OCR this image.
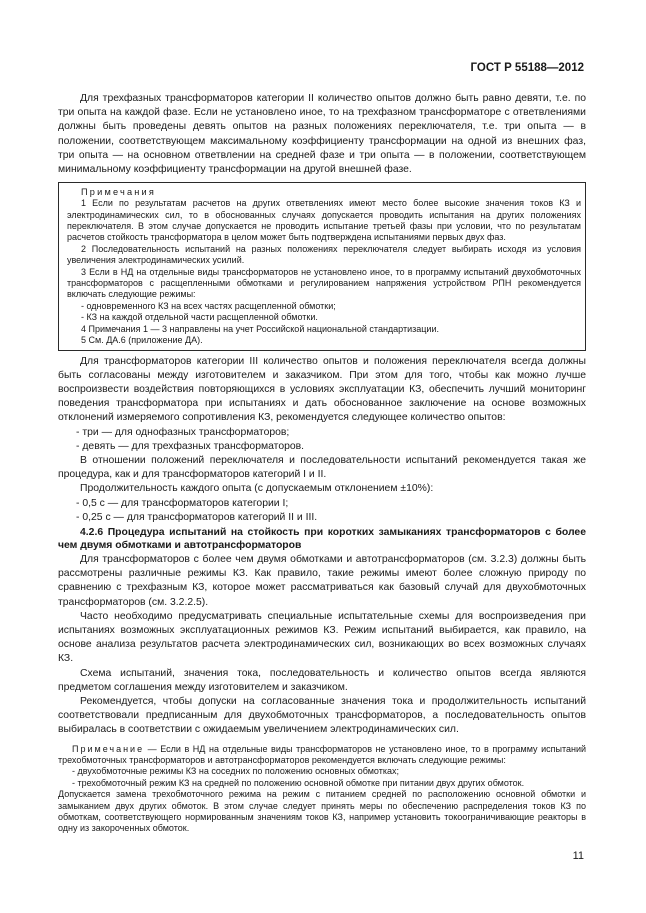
ГОСТ Р 55188—2012

Для трехфазных трансформаторов категории II количество опытов должно быть равно девяти, т.е. по три опыта на каждой фазе. Если не установлено иное, то на трехфазном трансформаторе с ответвлениями должны быть проведены девять опытов на разных положениях переключателя, т.е. три опыта — в положении, соответствующем максимальному коэффициенту трансформации на одной из внешних фаз, три опыта — на основном ответвлении на средней фазе и три опыта — в положении, соответствующем минимальному коэффициенту трансформации на другой внешней фазе.

Примечания

1 Если по результатам расчетов на других ответвлениях имеют место более высокие значения токов КЗ и электродинамических сил, то в обоснованных случаях допускается проводить испытания на других положениях переключателя. В этом случае допускается не проводить испытание третьей фазы при условии, что по результатам расчетов стойкость трансформатора в целом может быть подтверждена испытаниями первых двух фаз.

2 Последовательность испытаний на разных положениях переключателя следует выбирать исходя из условия увеличения электродинамических усилий.

3 Если в НД на отдельные виды трансформаторов не установлено иное, то в программу испытаний двухобмоточных трансформаторов с расщепленными обмотками и регулированием напряжения устройством РПН рекомендуется включать следующие режимы:

- одновременного КЗ на всех частях расщепленной обмотки;

- КЗ на каждой отдельной части расщепленной обмотки.

4 Примечания 1 — 3 направлены на учет Российской национальной стандартизации.

5 См. ДА.6 (приложение ДА).

Для трансформаторов категории III количество опытов и положения переключателя всегда должны быть согласованы между изготовителем и заказчиком. При этом для того, чтобы как можно лучше воспроизвести воздействия повторяющихся в условиях эксплуатации КЗ, обеспечить лучший мониторинг поведения трансформатора при испытаниях и дать обоснованное заключение на основе возможных отклонений измеряемого сопротивления КЗ, рекомендуется следующее количество опытов:

- три — для однофазных трансформаторов;

- девять — для трехфазных трансформаторов.

В отношении положений переключателя и последовательности испытаний рекомендуется такая же процедура, как и для трансформаторов категорий I и II.

Продолжительность каждого опыта (с допускаемым отклонением ±10%):

- 0,5 с — для трансформаторов категории I;

- 0,25 с — для трансформаторов категорий II и III.

4.2.6 Процедура испытаний на стойкость при коротких замыканиях трансформаторов с более чем двумя обмотками и автотрансформаторов

Для трансформаторов с более чем двумя обмотками и автотрансформаторов (см. 3.2.3) должны быть рассмотрены различные режимы КЗ. Как правило, такие режимы имеют более сложную природу по сравнению с трехфазным КЗ, которое может рассматриваться как базовый случай для двухобмоточных трансформаторов (см. 3.2.2.5).

Часто необходимо предусматривать специальные испытательные схемы для воспроизведения при испытаниях возможных эксплуатационных режимов КЗ. Режим испытаний выбирается, как правило, на основе анализа результатов расчета электродинамических сил, возникающих во всех возможных случаях КЗ.

Схема испытаний, значения тока, последовательность и количество опытов всегда являются предметом соглашения между изготовителем и заказчиком.

Рекомендуется, чтобы допуски на согласованные значения тока и продолжительность испытаний соответствовали предписанным для двухобмоточных трансформаторов, а последовательность опытов выбиралась в соответствии с ожидаемым увеличением электродинамических сил.

Примечание — Если в НД на отдельные виды трансформаторов не установлено иное, то в программу испытаний трехобмоточных трансформаторов и автотрансформаторов рекомендуется включать следующие режимы:

- двухобмоточные режимы КЗ на соседних по положению основных обмотках;

- трехобмоточный режим КЗ на средней по положению основной обмотке при питании двух других обмоток.

Допускается замена трехобмоточного режима на режим с питанием средней по расположению основной обмотки и замыканием двух других обмоток. В этом случае следует принять меры по обеспечению распределения токов КЗ по обмоткам, соответствующего нормированным значениям токов КЗ, например установить токоограничивающие реакторы в одну из закороченных обмоток.

11
